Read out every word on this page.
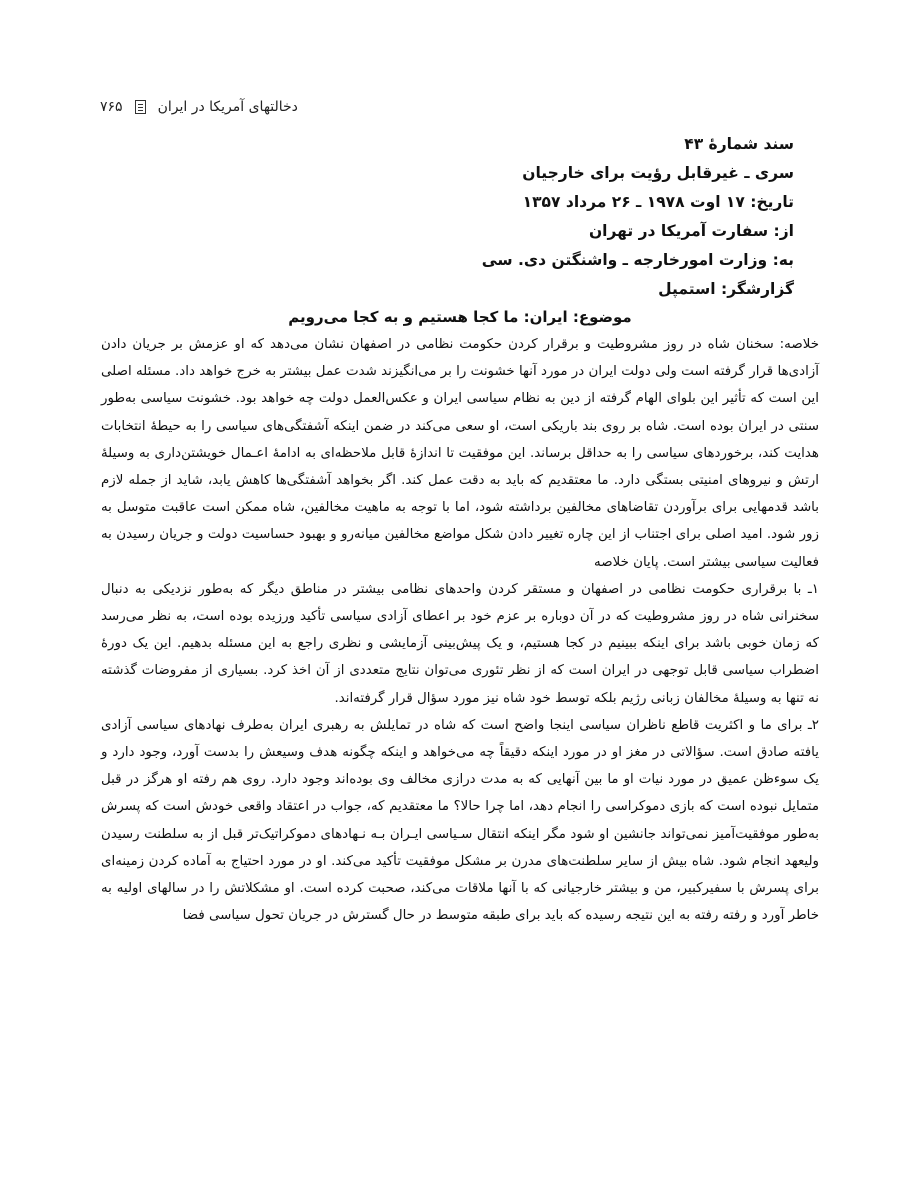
۷۶۵	دخالتهای آمریکا در ایران

سند شمارهٔ ۴۳

سری ـ غیرقابل رؤیت برای خارجیان

تاریخ: ۱۷ اوت ۱۹۷۸ ـ ۲۶ مرداد ۱۳۵۷

از: سفارت آمریکا در تهران

به: وزارت امورخارجه ـ واشنگتن دی. سی

گزارشگر: استمپل

موضوع: ایران: ما کجا هستیم و به کجا می‌رویم

خلاصه: سخنان شاه در روز مشروطیت و برقرار کردن حکومت نظامی در اصفهان نشان می‌دهد که او عزمش بر جریان دادن آزادی‌ها قرار گرفته است ولی دولت ایران در مورد آنها خشونت را بر می‌انگیزند شدت عمل بیشتر به خرج خواهد داد. مسئله اصلی این است که تأثیر این بلوای الهام گرفته از دین به نظام سیاسی ایران و عکس‌العمل دولت چه خواهد بود. خشونت سیاسی به‌طور سنتی در ایران بوده است. شاه بر روی بند باریکی است، او سعی می‌کند در ضمن اینکه آشفتگی‌های سیاسی را به حیطهٔ انتخابات هدایت کند، برخوردهای سیاسی را به حداقل برساند. این موفقیت تا اندازهٔ قابل ملاحظه‌ای به ادامهٔ اعـمال خویشتن‌داری به وسیلهٔ ارتش و نیروهای امنیتی بستگی دارد. ما معتقدیم که باید به دقت عمل کند. اگر بخواهد آشفتگی‌ها کاهش یابد، شاید از جمله لازم باشد قدمهایی برای برآوردن تقاضاهای مخالفین برداشته شود، اما با توجه به ماهیت مخالفین، شاه ممکن است عاقبت متوسل به زور شود. امید اصلی برای اجتناب از این چاره تغییر دادن شکل مواضع مخالفین میانه‌رو و بهبود حساسیت دولت و جریان رسیدن به فعالیت سیاسی بیشتر است. پایان خلاصه

۱ـ با برقراری حکومت نظامی در اصفهان و مستقر کردن واحدهای نظامی بیشتر در مناطق دیگر که به‌طور نزدیکی به دنبال سخنرانی شاه در روز مشروطیت که در آن دوباره بر عزم خود بر اعطای آزادی سیاسی تأکید ورزیده بوده است، به نظر می‌رسد که زمان خوبی باشد برای اینکه ببینیم در کجا هستیم، و یک پیش‌بینی آزمایشی و نظری راجع به این مسئله بدهیم. این یک دورهٔ اضطراب سیاسی قابل توجهی در ایران است که از نظر تئوری می‌توان نتایج متعددی از آن اخذ کرد. بسیاری از مفروضات گذشته نه تنها به وسیلهٔ مخالفان زبانی رژیم بلکه توسط خود شاه نیز مورد سؤال قرار گرفته‌اند.

۲ـ برای ما و اکثریت قاطع ناظران سیاسی اینجا واضح است که شاه در تمایلش به رهبری ایران به‌طرف نهادهای سیاسی آزادی یافته صادق است. سؤالاتی در مغز او در مورد اینکه دقیقاً چه می‌خواهد و اینکه چگونه هدف وسیعش را بدست آورد، وجود دارد و یک سوءظن عمیق در مورد نیات او ما بین آنهایی که به مدت درازی مخالف وی بوده‌اند وجود دارد. روی هم رفته او هرگز در قبل متمایل نبوده است که بازی دموکراسی را انجام دهد، اما چرا حالا؟ ما معتقدیم که، جواب در اعتقاد واقعی خودش است که پسرش به‌طور موفقیت‌آمیز نمی‌تواند جانشین او شود مگر اینکه انتقال سـیاسی ایـران بـه نـهادهای دموکراتیک‌تر قبل از به سلطنت رسیدن ولیعهد انجام شود. شاه بیش از سایر سلطنت‌های مدرن بر مشکل موفقیت تأکید می‌کند. او در مورد احتیاج به آماده کردن زمینه‌ای برای پسرش با سفیرکبیر، من و بیشتر خارجیانی که با آنها ملاقات می‌کند، صحبت کرده است. او مشکلاتش را در سالهای اولیه به خاطر آورد و رفته رفته به این نتیجه رسیده که باید برای طبقه متوسط در حال گسترش در جریان تحول سیاسی فضا
